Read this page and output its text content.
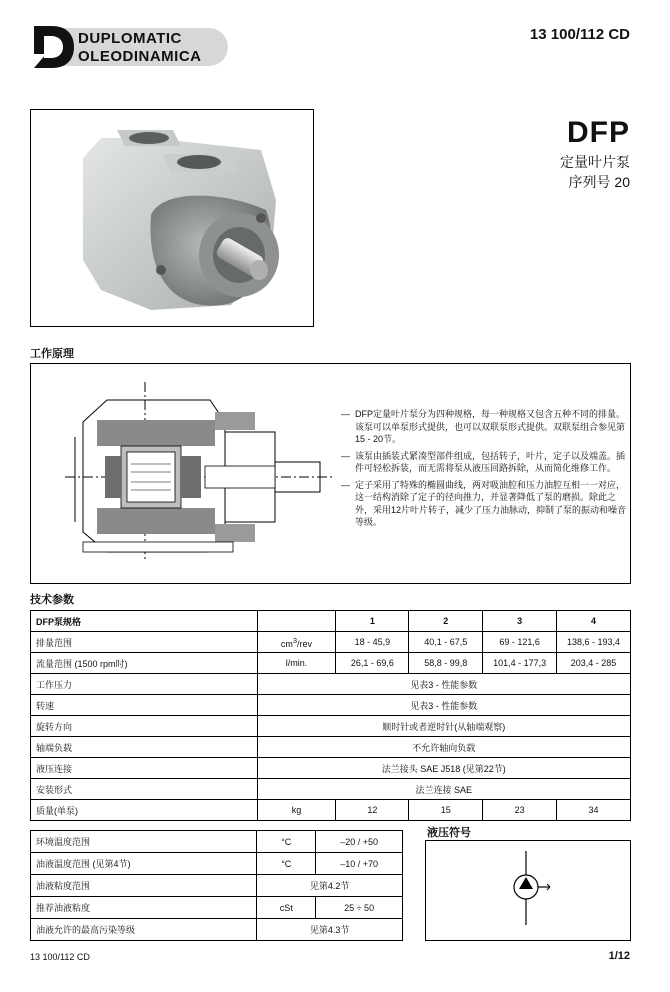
DUPLOMATIC
OLEODINAMICA
13 100/112 CD
DFP
定量叶片泵
序列号 20
工作原理
— DFP定量叶片泵分为四种规格，每一种规格又包含五种不同的排量。该泵可以单泵形式提供，也可以双联泵形式提供。双联泵组合参见第15 - 20节。
— 该泵由插装式紧凑型部件组成，包括转子，叶片，定子以及端盖。插件可轻松拆装，而无需将泵从液压回路拆除，从而简化维修工作。
— 定子采用了特殊的椭圆曲线，两对吸油腔和压力油腔互相一一对应，这一结构消除了定子的径向推力，并显著降低了泵的磨损。除此之外，采用12片叶片转子，减少了压力油脉动，抑制了泵的振动和噪音等级。
技术参数
DFP泵规格		1	2	3	4
排量范围	$cm^3$/rev	18 - 45,9	40,1 - 67,5	69 - 121,6	138,6 - 193,4
流量范围 (1500 rpm时)	l/min.	26,1 - 69,6	58,8 - 99,8	101,4 - 177,3	203,4 - 285
工作压力	见表3 - 性能参数				
转速	见表3 - 性能参数				
旋转方向	顺时针或者逆时针(从轴端观察)				
轴端负载	不允许轴向负载				
液压连接	法兰接头 SAE J518 (见第22节)				
安装形式	法兰连接 SAE				
质量(单泵)	kg	12	15	23	34
环境温度范围	°C	–20 / +50
油液温度范围 (见第4节)	°C	–10 / +70
油液粘度范围	见第4.2节	
推荐油液粘度	cSt	25 ÷ 50
油液允许的最高污染等级	见第4.3节	
液压符号
13 100/112 CD	1/12
